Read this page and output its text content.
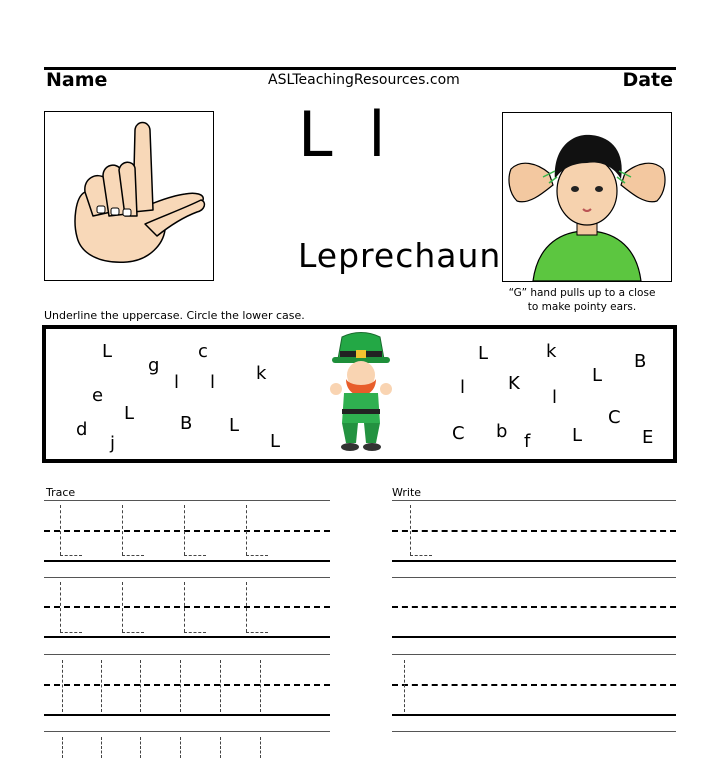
Name	ASLTeachingResources.com	Date
L l
Leprechaun
“G” hand pulls up to a close
to make pointy ears.
Underline the uppercase. Circle the lower case.
L
g
c
l l k
e
L
d
j
B L
L
L	k	B
l K	L
l
C
b f L
C	E
Trace	Write
